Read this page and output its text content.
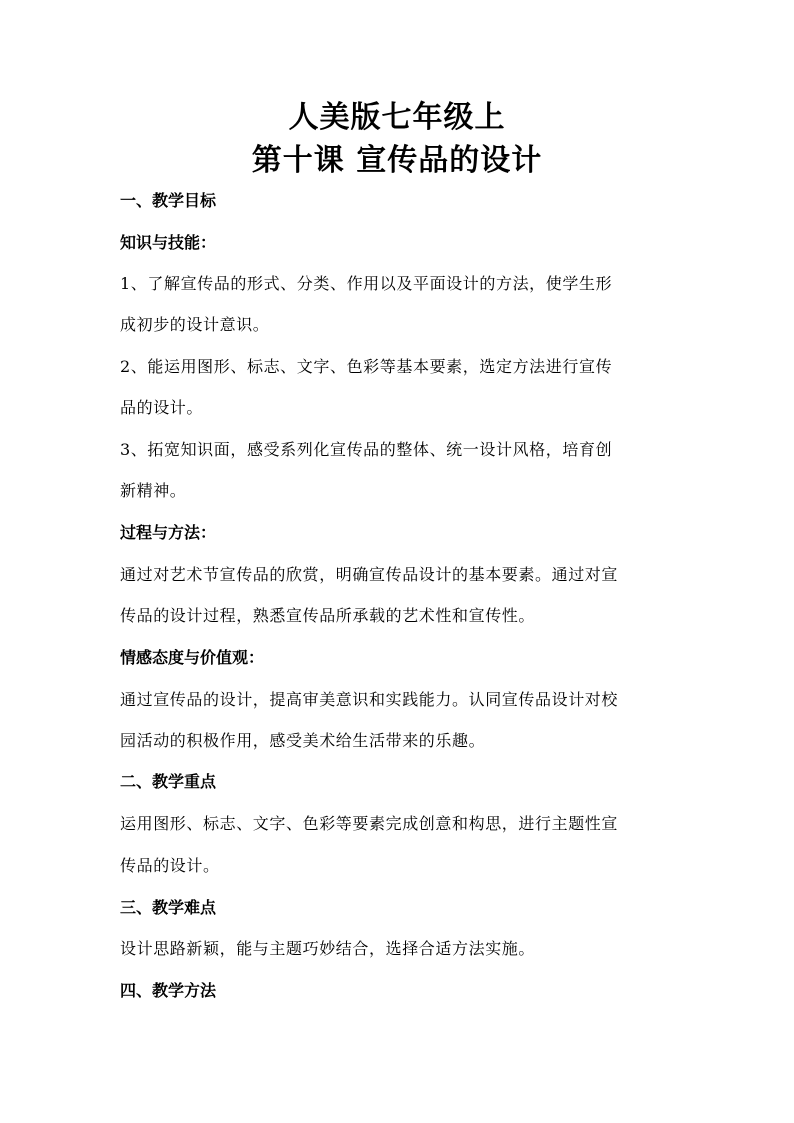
人美版七年级上
第十课 宣传品的设计
一、教学目标
知识与技能：
1、了解宣传品的形式、分类、作用以及平面设计的方法，使学生形
成初步的设计意识。
2、能运用图形、标志、文字、色彩等基本要素，选定方法进行宣传
品的设计。
3、拓宽知识面，感受系列化宣传品的整体、统一设计风格，培育创
新精神。
过程与方法：
通过对艺术节宣传品的欣赏，明确宣传品设计的基本要素。通过对宣
传品的设计过程，熟悉宣传品所承载的艺术性和宣传性。
情感态度与价值观：
通过宣传品的设计，提高审美意识和实践能力。认同宣传品设计对校
园活动的积极作用，感受美术给生活带来的乐趣。
二、教学重点
运用图形、标志、文字、色彩等要素完成创意和构思，进行主题性宣
传品的设计。
三、教学难点
设计思路新颖，能与主题巧妙结合，选择合适方法实施。
四、教学方法
